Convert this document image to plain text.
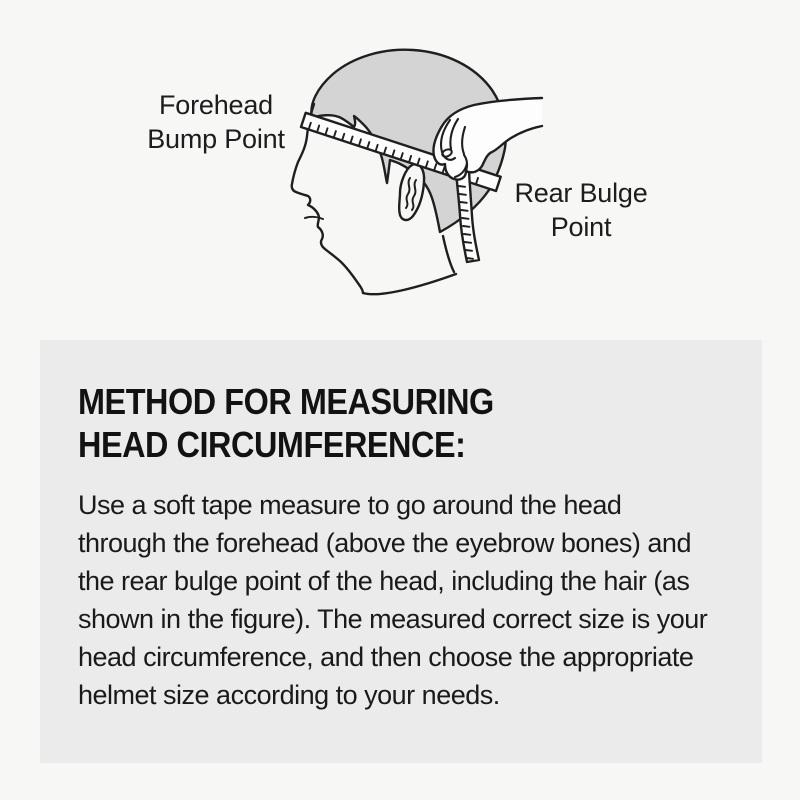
Forehead
Bump Point
Rear Bulge
Point
METHOD FOR MEASURING
HEAD CIRCUMFERENCE:
Use a soft tape measure to go around the head
through the forehead (above the eyebrow bones) and
the rear bulge point of the head, including the hair (as
shown in the figure). The measured correct size is your
head circumference, and then choose the appropriate
helmet size according to your needs.
